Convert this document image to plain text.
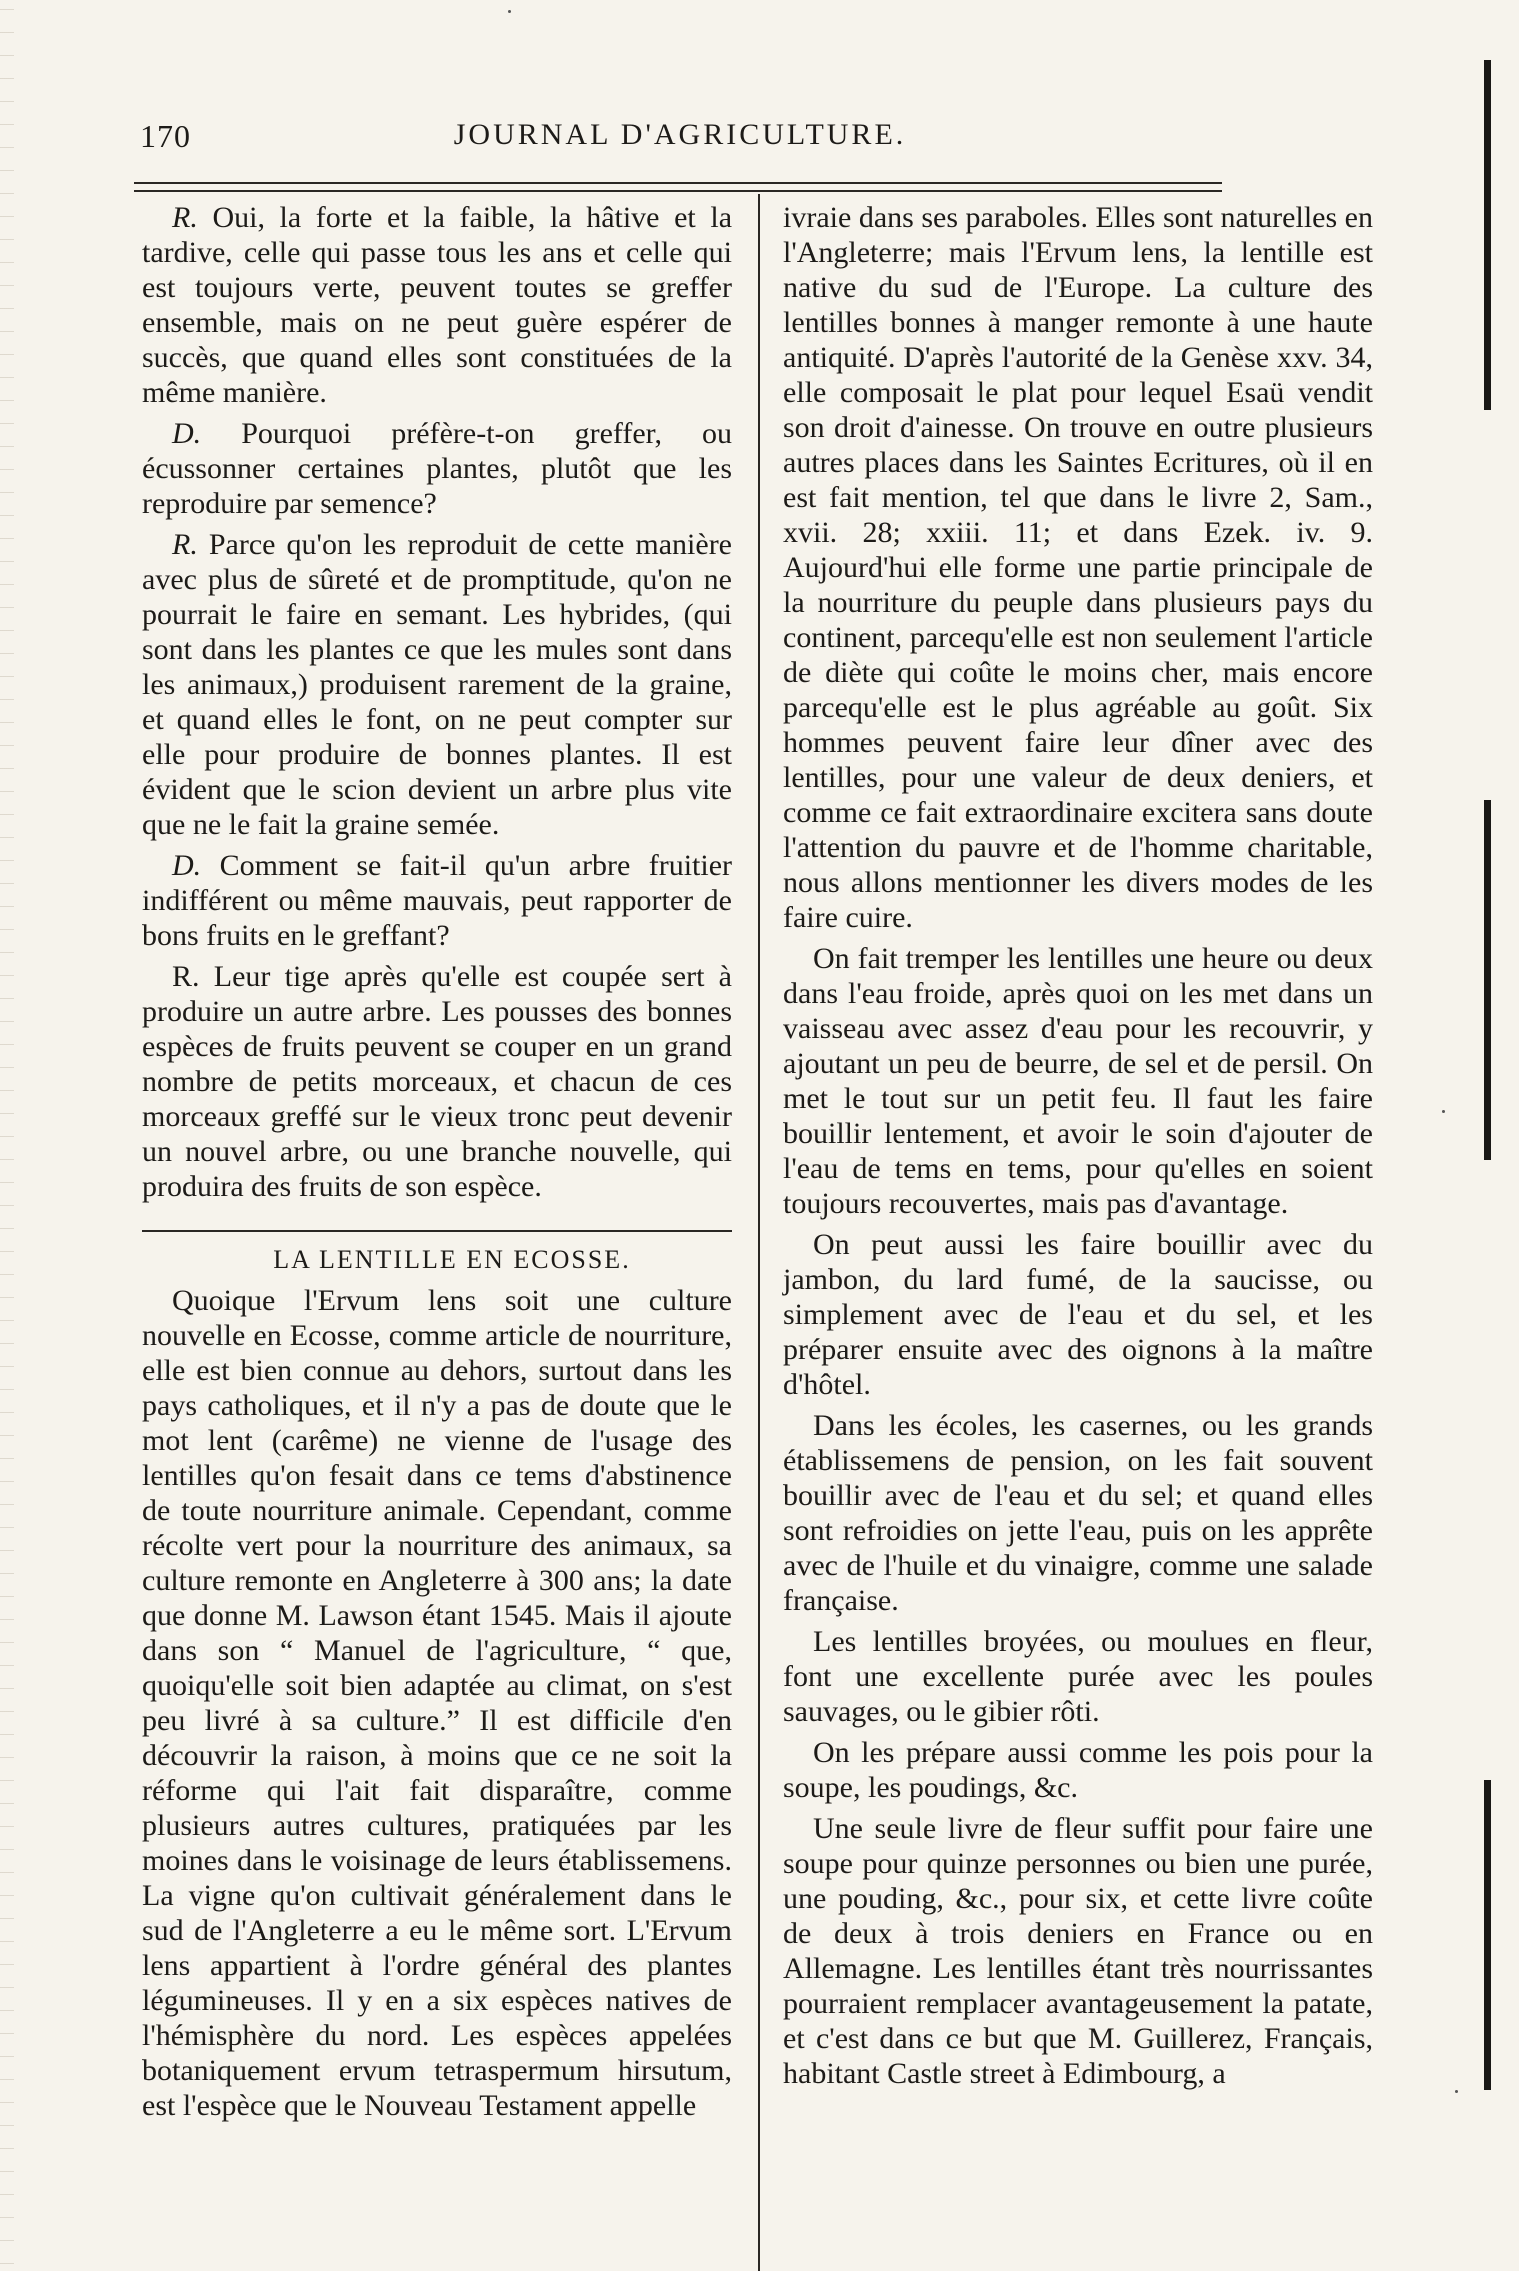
170	JOURNAL D'AGRICULTURE.

R. Oui, la forte et la faible, la hâtive et la tardive, celle qui passe tous les ans et celle qui est toujours verte, peuvent toutes se greffer ensemble, mais on ne peut guère espérer de succès, que quand elles sont constituées de la même manière.

D. Pourquoi préfère-t-on greffer, ou écussonner certaines plantes, plutôt que les reproduire par semence?

R. Parce qu'on les reproduit de cette manière avec plus de sûreté et de promptitude, qu'on ne pourrait le faire en semant. Les hybrides, (qui sont dans les plantes ce que les mules sont dans les animaux,) produisent rarement de la graine, et quand elles le font, on ne peut compter sur elle pour produire de bonnes plantes. Il est évident que le scion devient un arbre plus vite que ne le fait la graine semée.

D. Comment se fait-il qu'un arbre fruitier indifférent ou même mauvais, peut rapporter de bons fruits en le greffant?

R. Leur tige après qu'elle est coupée sert à produire un autre arbre. Les pousses des bonnes espèces de fruits peuvent se couper en un grand nombre de petits morceaux, et chacun de ces morceaux greffé sur le vieux tronc peut devenir un nouvel arbre, ou une branche nouvelle, qui produira des fruits de son espèce.

LA LENTILLE EN ECOSSE.

Quoique l'Ervum lens soit une culture nouvelle en Ecosse, comme article de nourriture, elle est bien connue au dehors, surtout dans les pays catholiques, et il n'y a pas de doute que le mot lent (carême) ne vienne de l'usage des lentilles qu'on fesait dans ce tems d'abstinence de toute nourriture animale. Cependant, comme récolte vert pour la nourriture des animaux, sa culture remonte en Angleterre à 300 ans; la date que donne M. Lawson étant 1545. Mais il ajoute dans son “ Manuel de l'agriculture, “ que, quoiqu'elle soit bien adaptée au climat, on s'est peu livré à sa culture.” Il est difficile d'en découvrir la raison, à moins que ce ne soit la réforme qui l'ait fait disparaître, comme plusieurs autres cultures, pratiquées par les moines dans le voisinage de leurs établissemens. La vigne qu'on cultivait généralement dans le sud de l'Angleterre a eu le même sort. L'Ervum lens appartient à l'ordre général des plantes légumineuses. Il y en a six espèces natives de l'hémisphère du nord. Les espèces appelées botaniquement ervum tetraspermum hirsutum, est l'espèce que le Nouveau Testament appelle

ivraie dans ses paraboles. Elles sont naturelles en l'Angleterre; mais l'Ervum lens, la lentille est native du sud de l'Europe. La culture des lentilles bonnes à manger remonte à une haute antiquité. D'après l'autorité de la Genèse xxv. 34, elle composait le plat pour lequel Esaü vendit son droit d'ainesse. On trouve en outre plusieurs autres places dans les Saintes Ecritures, où il en est fait mention, tel que dans le livre 2, Sam., xvii. 28; xxiii. 11; et dans Ezek. iv. 9. Aujourd'hui elle forme une partie principale de la nourriture du peuple dans plusieurs pays du continent, parcequ'elle est non seulement l'article de diète qui coûte le moins cher, mais encore parcequ'elle est le plus agréable au goût. Six hommes peuvent faire leur dîner avec des lentilles, pour une valeur de deux deniers, et comme ce fait extraordinaire excitera sans doute l'attention du pauvre et de l'homme charitable, nous allons mentionner les divers modes de les faire cuire.

On fait tremper les lentilles une heure ou deux dans l'eau froide, après quoi on les met dans un vaisseau avec assez d'eau pour les recouvrir, y ajoutant un peu de beurre, de sel et de persil. On met le tout sur un petit feu. Il faut les faire bouillir lentement, et avoir le soin d'ajouter de l'eau de tems en tems, pour qu'elles en soient toujours recouvertes, mais pas d'avantage.

On peut aussi les faire bouillir avec du jambon, du lard fumé, de la saucisse, ou simplement avec de l'eau et du sel, et les préparer ensuite avec des oignons à la maître d'hôtel.

Dans les écoles, les casernes, ou les grands établissemens de pension, on les fait souvent bouillir avec de l'eau et du sel; et quand elles sont refroidies on jette l'eau, puis on les apprête avec de l'huile et du vinaigre, comme une salade française.

Les lentilles broyées, ou moulues en fleur, font une excellente purée avec les poules sauvages, ou le gibier rôti.

On les prépare aussi comme les pois pour la soupe, les poudings, &c.

Une seule livre de fleur suffit pour faire une soupe pour quinze personnes ou bien une purée, une pouding, &c., pour six, et cette livre coûte de deux à trois deniers en France ou en Allemagne. Les lentilles étant très nourrissantes pourraient remplacer avantageusement la patate, et c'est dans ce but que M. Guillerez, Français, habitant Castle street à Edimbourg, a
